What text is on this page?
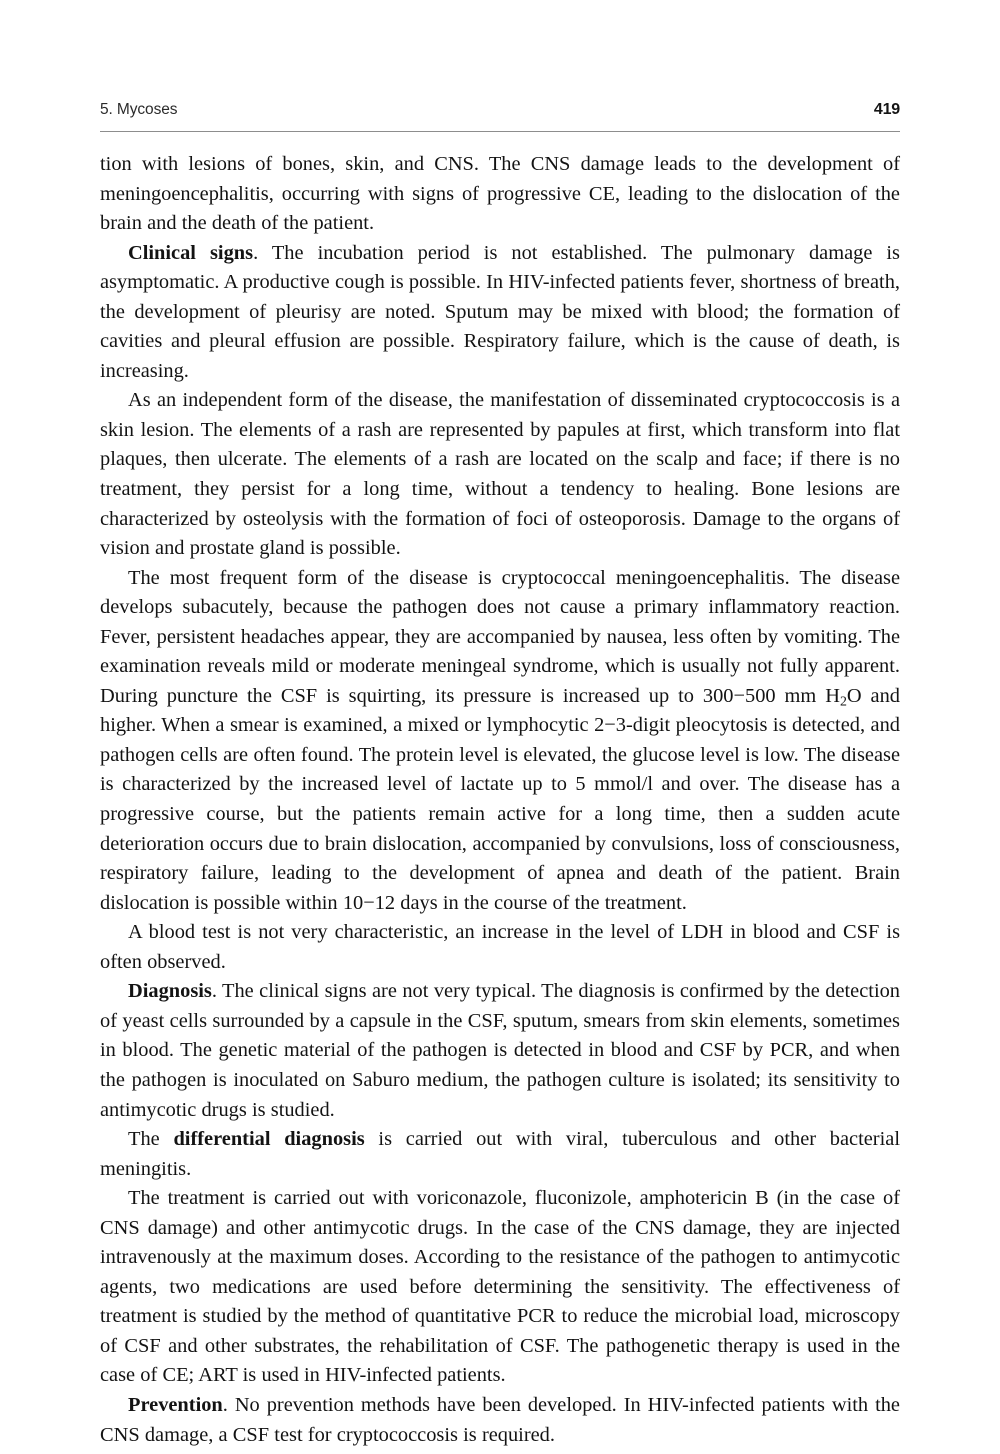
5. Mycoses	419

tion with lesions of bones, skin, and CNS. The CNS damage leads to the development of meningoencephalitis, occurring with signs of progressive CE, leading to the dislocation of the brain and the death of the patient.

Clinical signs. The incubation period is not established. The pulmonary damage is asymptomatic. A productive cough is possible. In HIV-infected patients fever, shortness of breath, the development of pleurisy are noted. Sputum may be mixed with blood; the formation of cavities and pleural effusion are possible. Respiratory failure, which is the cause of death, is increasing.

As an independent form of the disease, the manifestation of disseminated cryptococcosis is a skin lesion. The elements of a rash are represented by papules at first, which transform into flat plaques, then ulcerate. The elements of a rash are located on the scalp and face; if there is no treatment, they persist for a long time, without a tendency to healing. Bone lesions are characterized by osteolysis with the formation of foci of osteoporosis. Damage to the organs of vision and prostate gland is possible.

The most frequent form of the disease is cryptococcal meningoencephalitis. The disease develops subacutely, because the pathogen does not cause a primary inflammatory reaction. Fever, persistent headaches appear, they are accompanied by nausea, less often by vomiting. The examination reveals mild or moderate meningeal syndrome, which is usually not fully apparent. During puncture the CSF is squirting, its pressure is increased up to 300−500 mm $H_2O$ and higher. When a smear is examined, a mixed or lymphocytic 2−3-digit pleocytosis is detected, and pathogen cells are often found. The protein level is elevated, the glucose level is low. The disease is characterized by the increased level of lactate up to 5 mmol/l and over. The disease has a progressive course, but the patients remain active for a long time, then a sudden acute deterioration occurs due to brain dislocation, accompanied by convulsions, loss of consciousness, respiratory failure, leading to the development of apnea and death of the patient. Brain dislocation is possible within 10−12 days in the course of the treatment.

A blood test is not very characteristic, an increase in the level of LDH in blood and CSF is often observed.

Diagnosis. The clinical signs are not very typical. The diagnosis is confirmed by the detection of yeast cells surrounded by a capsule in the CSF, sputum, smears from skin elements, sometimes in blood. The genetic material of the pathogen is detected in blood and CSF by PCR, and when the pathogen is inoculated on Saburo medium, the pathogen culture is isolated; its sensitivity to antimycotic drugs is studied.

The differential diagnosis is carried out with viral, tuberculous and other bacterial meningitis.

The treatment is carried out with voriconazole, fluconizole, amphotericin B (in the case of CNS damage) and other antimycotic drugs. In the case of the CNS damage, they are injected intravenously at the maximum doses. According to the resistance of the pathogen to antimycotic agents, two medications are used before determining the sensitivity. The effectiveness of treatment is studied by the method of quantitative PCR to reduce the microbial load, microscopy of CSF and other substrates, the rehabilitation of CSF. The pathogenetic therapy is used in the case of CE; ART is used in HIV-infected patients.

Prevention. No prevention methods have been developed. In HIV-infected patients with the CNS damage, a CSF test for cryptococcosis is required.
